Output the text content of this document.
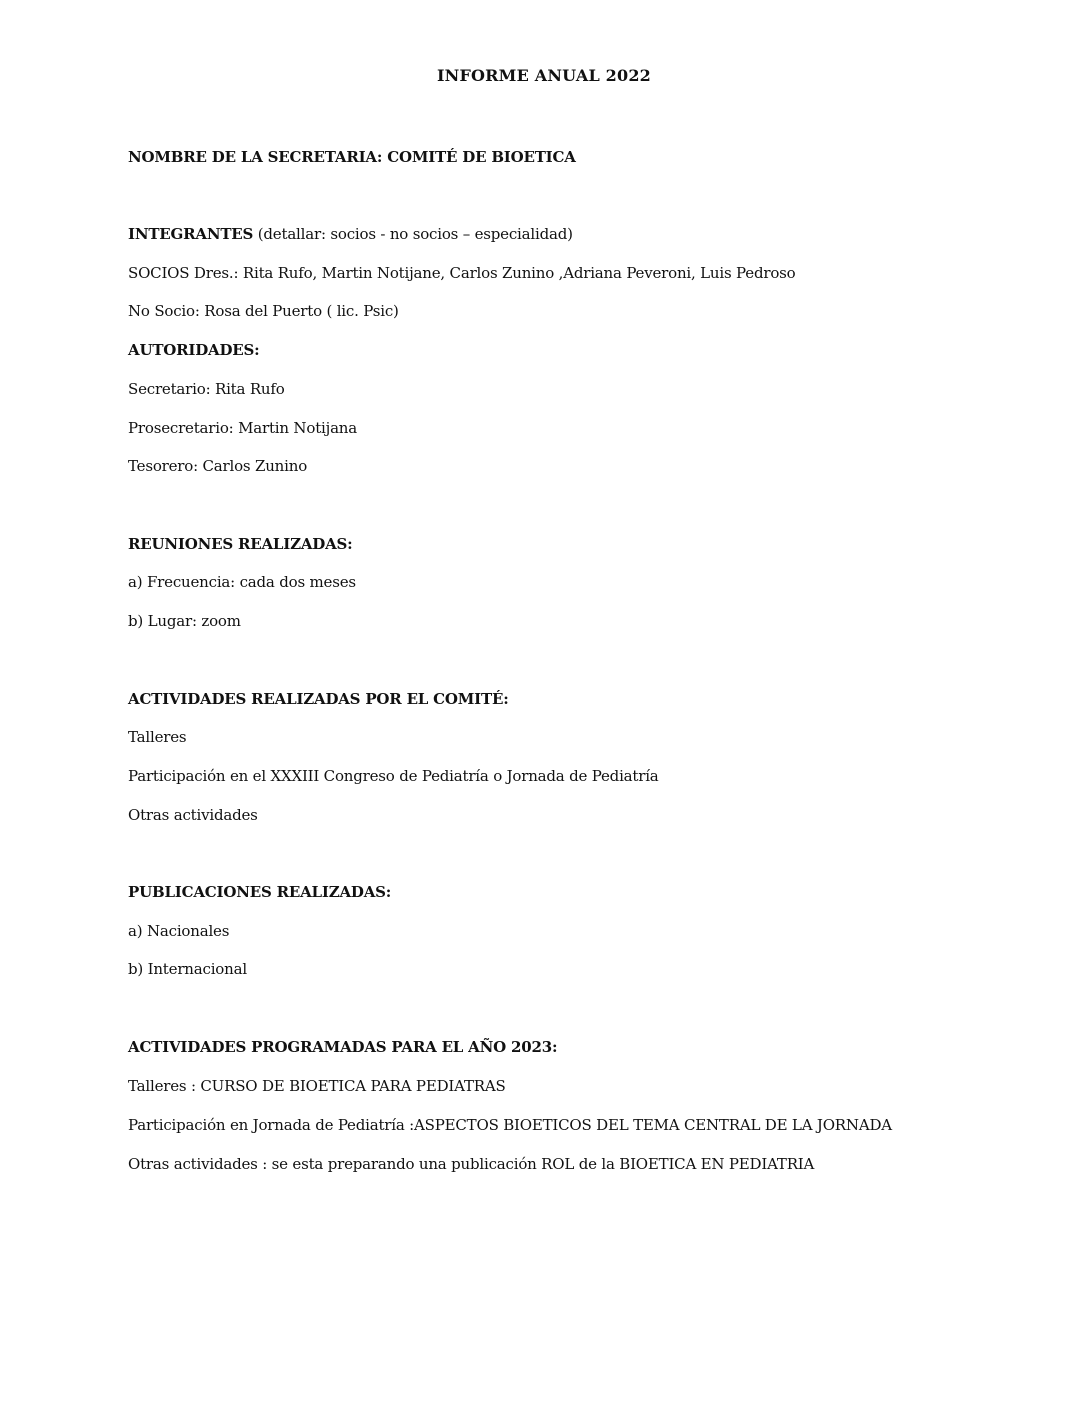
INFORME ANUAL 2022
NOMBRE DE LA SECRETARIA: COMITÉ DE BIOETICA
INTEGRANTES (detallar: socios - no socios – especialidad)
SOCIOS Dres.: Rita Rufo, Martin Notijane, Carlos Zunino ,Adriana Peveroni, Luis Pedroso
No Socio: Rosa del Puerto ( lic. Psic)
AUTORIDADES:
Secretario: Rita Rufo
Prosecretario: Martin Notijana
Tesorero: Carlos Zunino
REUNIONES REALIZADAS:
a) Frecuencia: cada dos meses
b) Lugar: zoom
ACTIVIDADES REALIZADAS POR EL COMITÉ:
Talleres
Participación en el XXXIII Congreso de Pediatría o Jornada de Pediatría
Otras actividades
PUBLICACIONES REALIZADAS:
a) Nacionales
b) Internacional
ACTIVIDADES PROGRAMADAS PARA EL AÑO 2023:
Talleres : CURSO DE BIOETICA PARA PEDIATRAS
Participación en Jornada de Pediatría :ASPECTOS BIOETICOS DEL TEMA CENTRAL DE LA JORNADA
Otras actividades : se esta preparando una publicación ROL de la BIOETICA EN PEDIATRIA
